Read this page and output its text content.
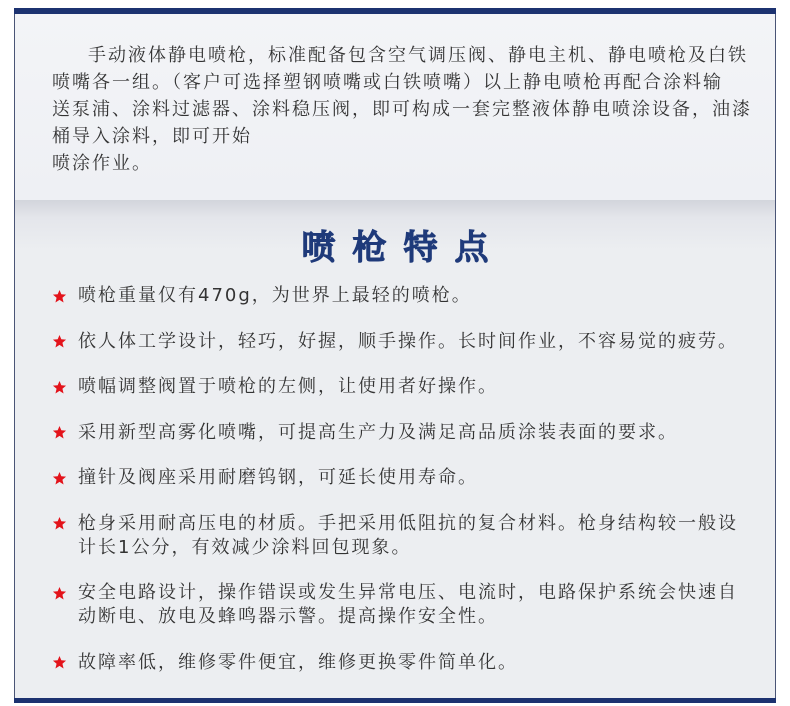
手动液体静电喷枪，标准配备包含空气调压阀、静电主机、静电喷枪及白铁
喷嘴各一组。（客户可选择塑钢喷嘴或白铁喷嘴）以上静电喷枪再配合涂料输
送泵浦、涂料过滤器、涂料稳压阀，即可构成一套完整液体静电喷涂设备，油漆
桶导入涂料，即可开始
喷涂作业。
喷枪特点
喷枪重量仅有470g，为世界上最轻的喷枪。
依人体工学设计，轻巧，好握，顺手操作。长时间作业，不容易觉的疲劳。
喷幅调整阀置于喷枪的左侧，让使用者好操作。
采用新型高雾化喷嘴，可提高生产力及满足高品质涂装表面的要求。
撞针及阀座采用耐磨钨钢，可延长使用寿命。
枪身采用耐高压电的材质。手把采用低阻抗的复合材料。枪身结构较一般设
计长1公分，有效减少涂料回包现象。
安全电路设计，操作错误或发生异常电压、电流时，电路保护系统会快速自
动断电、放电及蜂鸣器示警。提高操作安全性。
故障率低，维修零件便宜，维修更换零件简单化。
